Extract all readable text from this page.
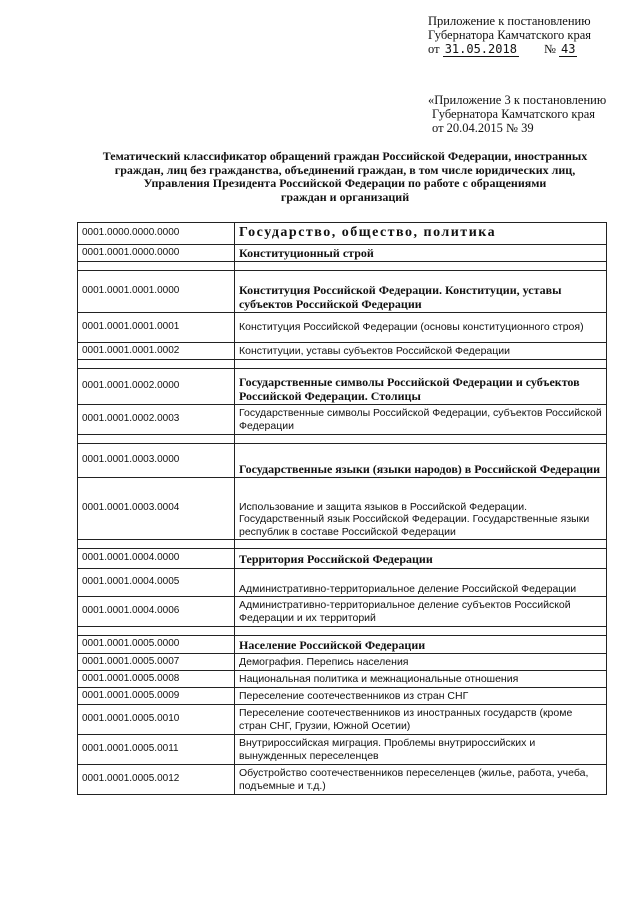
Приложение к постановлению
Губернатора Камчатского края
от 31.05.2018 № 43
«Приложение 3 к постановлению
Губернатора Камчатского края
от 20.04.2015 № 39
Тематический классификатор обращений граждан Российской Федерации, иностранных
граждан, лиц без гражданства, объединений граждан, в том числе юридических лиц,
Управления Президента Российской Федерации по работе с обращениями
граждан и организаций
0001.0000.0000.0000	Государство, общество, политика
0001.0001.0000.0000	Конституционный строй

0001.0001.0001.0000	Конституция Российской Федерации. Конституции, уставы субъектов Российской Федерации
0001.0001.0001.0001	Конституция Российской Федерации (основы конституционного строя)
0001.0001.0001.0002	Конституции, уставы субъектов Российской Федерации

0001.0001.0002.0000	Государственные символы Российской Федерации и субъектов Российской Федерации. Столицы
0001.0001.0002.0003	Государственные символы Российской Федерации, субъектов Российской Федерации

0001.0001.0003.0000	Государственные языки (языки народов) в Российской Федерации
0001.0001.0003.0004	Использование и защита языков в Российской Федерации. Государственный язык Российской Федерации. Государственные языки республик в составе Российской Федерации

0001.0001.0004.0000	Территория Российской Федерации
0001.0001.0004.0005	Административно-территориальное деление Российской Федерации
0001.0001.0004.0006	Административно-территориальное деление субъектов Российской Федерации и их территорий

0001.0001.0005.0000	Население Российской Федерации
0001.0001.0005.0007	Демография. Перепись населения
0001.0001.0005.0008	Национальная политика и межнациональные отношения
0001.0001.0005.0009	Переселение соотечественников из стран СНГ
0001.0001.0005.0010	Переселение соотечественников из иностранных государств (кроме стран СНГ, Грузии, Южной Осетии)
0001.0001.0005.0011	Внутрироссийская миграция. Проблемы внутрироссийских и вынужденных переселенцев
0001.0001.0005.0012	Обустройство соотечественников переселенцев (жилье, работа, учеба, подъемные и т.д.)
